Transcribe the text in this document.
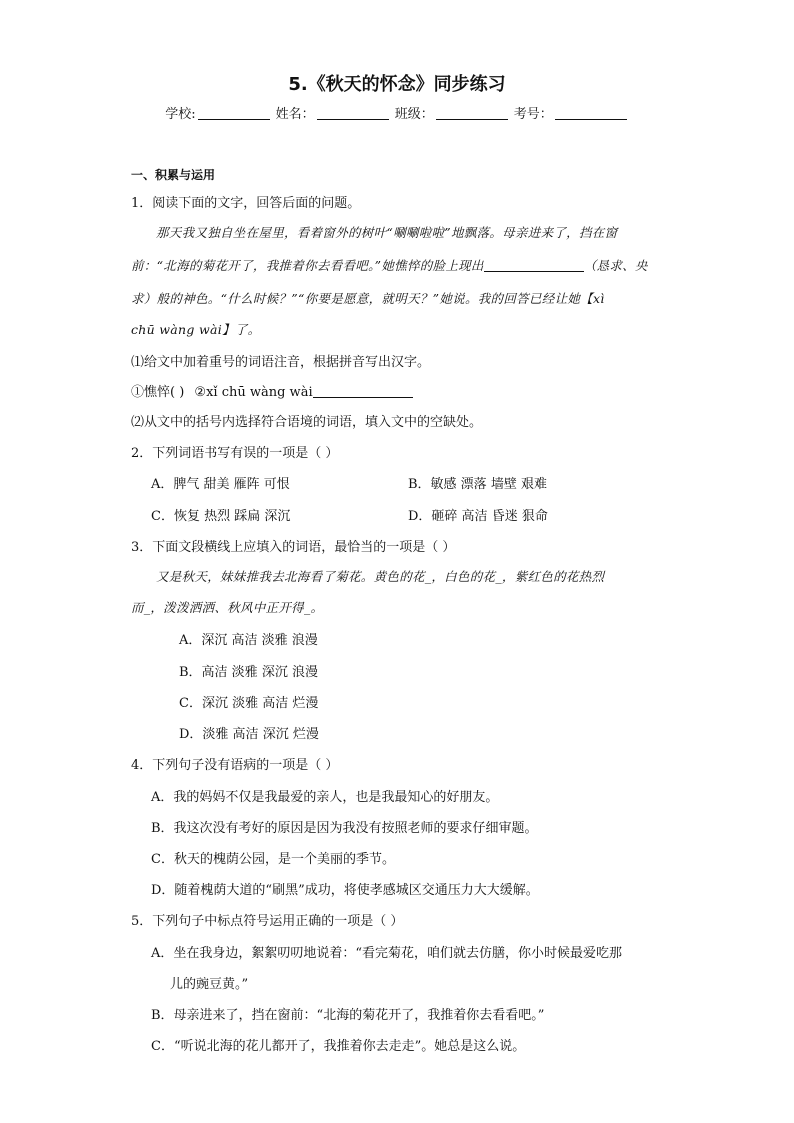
5.《秋天的怀念》同步练习
学校:	姓名：	班级：	考号：
一、积累与运用
1．阅读下面的文字，回答后面的问题。
那天我又独自坐在屋里，看着窗外的树叶“唰唰啦啦”地飘落。母亲进来了，挡在窗
前：“北海的菊花开了，我推着你去看看吧。”她憔悴的脸上现出	（恳求、央
求）般的神色。“什么时候？”“你要是愿意，就明天？”她说。我的回答已经让她【xì
chū wàng wài】了。
⑴给文中加着重号的词语注音，根据拼音写出汉字。
①憔悴( ) ②xǐ chū wàng wài
⑵从文中的括号内选择符合语境的词语，填入文中的空缺处。
2．下列词语书写有误的一项是（ ）
A．脾气 甜美 雁阵 可恨	B．敏感 漂落 墙壁 艰难
C．恢复 热烈 踩扁 深沉	D．砸碎 高洁 昏迷 狠命
3．下面文段横线上应填入的词语，最恰当的一项是（ ）
又是秋天，妹妹推我去北海看了菊花。黄色的花_，白色的花_，紫红色的花热烈
而_，泼泼洒洒、秋风中正开得_。
A．深沉 高洁 淡雅 浪漫
B．高洁 淡雅 深沉 浪漫
C．深沉 淡雅 高洁 烂漫
D．淡雅 高洁 深沉 烂漫
4．下列句子没有语病的一项是（ ）
A．我的妈妈不仅是我最爱的亲人，也是我最知心的好朋友。
B．我这次没有考好的原因是因为我没有按照老师的要求仔细审题。
C．秋天的槐荫公园，是一个美丽的季节。
D．随着槐荫大道的“刷黑”成功，将使孝感城区交通压力大大缓解。
5．下列句子中标点符号运用正确的一项是（ ）
A．坐在我身边，絮絮叨叨地说着：“看完菊花，咱们就去仿膳，你小时候最爱吃那
儿的豌豆黄。”
B．母亲进来了，挡在窗前：“北海的菊花开了，我推着你去看看吧。”
C．“听说北海的花儿都开了，我推着你去走走”。她总是这么说。
